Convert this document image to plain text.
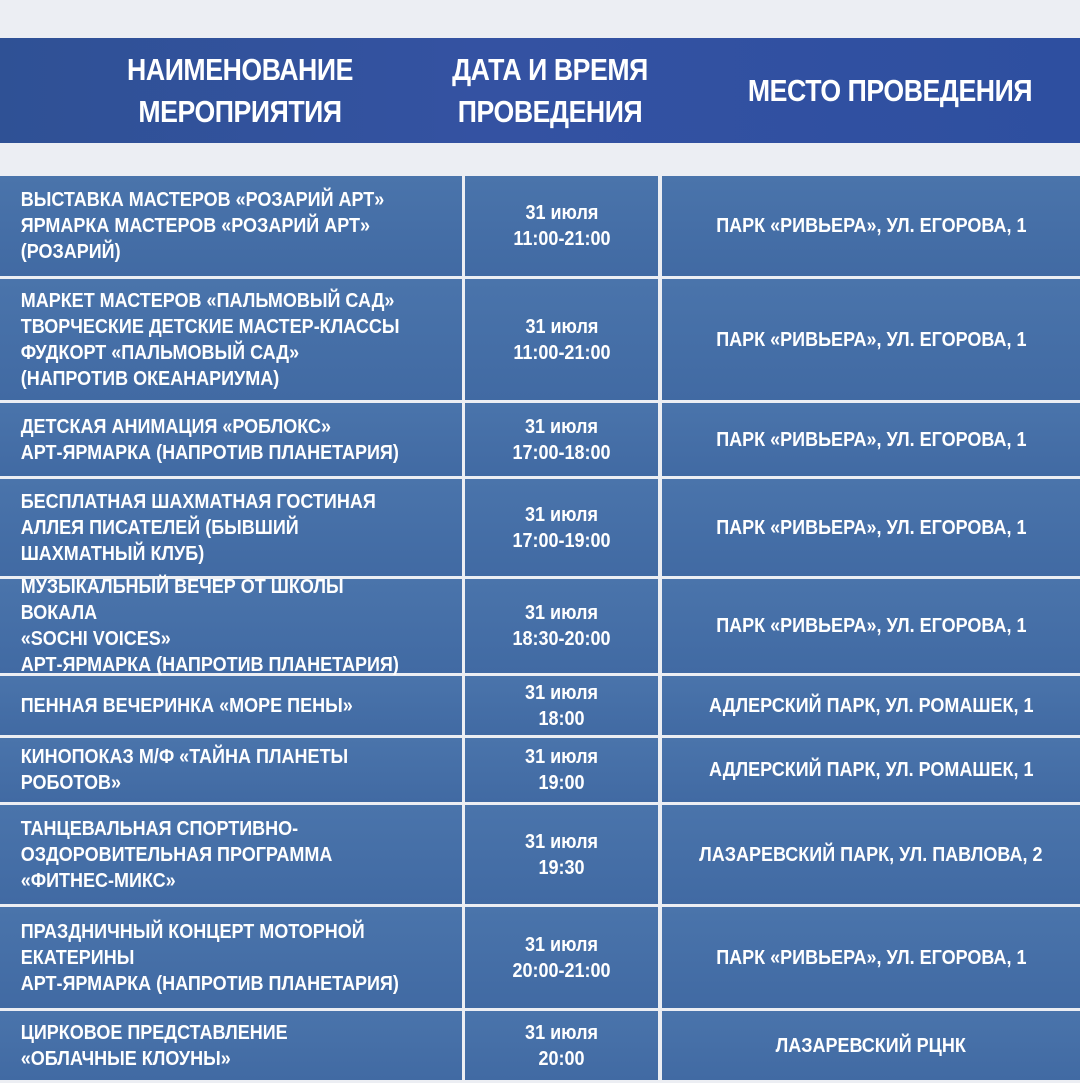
НАИМЕНОВАНИЕ
МЕРОПРИЯТИЯ
ДАТА И ВРЕМЯ
ПРОВЕДЕНИЯ
МЕСТО ПРОВЕДЕНИЯ
ВЫСТАВКА МАСТЕРОВ «РОЗАРИЙ АРТ»
ЯРМАРКА МАСТЕРОВ «РОЗАРИЙ АРТ»
(РОЗАРИЙ)
31 июля
11:00-21:00
ПАРК «РИВЬЕРА», УЛ. ЕГОРОВА, 1
МАРКЕТ МАСТЕРОВ «ПАЛЬМОВЫЙ САД»
ТВОРЧЕСКИЕ ДЕТСКИЕ МАСТЕР-КЛАССЫ
ФУДКОРТ «ПАЛЬМОВЫЙ САД»
(НАПРОТИВ ОКЕАНАРИУМА)
31 июля
11:00-21:00
ПАРК «РИВЬЕРА», УЛ. ЕГОРОВА, 1
ДЕТСКАЯ АНИМАЦИЯ «РОБЛОКС»
АРТ-ЯРМАРКА (НАПРОТИВ ПЛАНЕТАРИЯ)
31 июля
17:00-18:00
ПАРК «РИВЬЕРА», УЛ. ЕГОРОВА, 1
БЕСПЛАТНАЯ ШАХМАТНАЯ ГОСТИНАЯ
АЛЛЕЯ ПИСАТЕЛЕЙ (БЫВШИЙ
ШАХМАТНЫЙ КЛУБ)
31 июля
17:00-19:00
ПАРК «РИВЬЕРА», УЛ. ЕГОРОВА, 1
МУЗЫКАЛЬНЫЙ ВЕЧЕР ОТ ШКОЛЫ ВОКАЛА
«SOCHI VOICES»
АРТ-ЯРМАРКА (НАПРОТИВ ПЛАНЕТАРИЯ)
31 июля
18:30-20:00
ПАРК «РИВЬЕРА», УЛ. ЕГОРОВА, 1
ПЕННАЯ ВЕЧЕРИНКА «МОРЕ ПЕНЫ»
31 июля
18:00
АДЛЕРСКИЙ ПАРК, УЛ. РОМАШЕК, 1
КИНОПОКАЗ М/Ф «ТАЙНА ПЛАНЕТЫ РОБОТОВ»
31 июля
19:00
АДЛЕРСКИЙ ПАРК, УЛ. РОМАШЕК, 1
ТАНЦЕВАЛЬНАЯ СПОРТИВНО-
ОЗДОРОВИТЕЛЬНАЯ ПРОГРАММА
«ФИТНЕС-МИКС»
31 июля
19:30
ЛАЗАРЕВСКИЙ ПАРК, УЛ. ПАВЛОВА, 2
ПРАЗДНИЧНЫЙ КОНЦЕРТ МОТОРНОЙ
ЕКАТЕРИНЫ
АРТ-ЯРМАРКА (НАПРОТИВ ПЛАНЕТАРИЯ)
31 июля
20:00-21:00
ПАРК «РИВЬЕРА», УЛ. ЕГОРОВА, 1
ЦИРКОВОЕ ПРЕДСТАВЛЕНИЕ
«ОБЛАЧНЫЕ КЛОУНЫ»
31 июля
20:00
ЛАЗАРЕВСКИЙ РЦНК
